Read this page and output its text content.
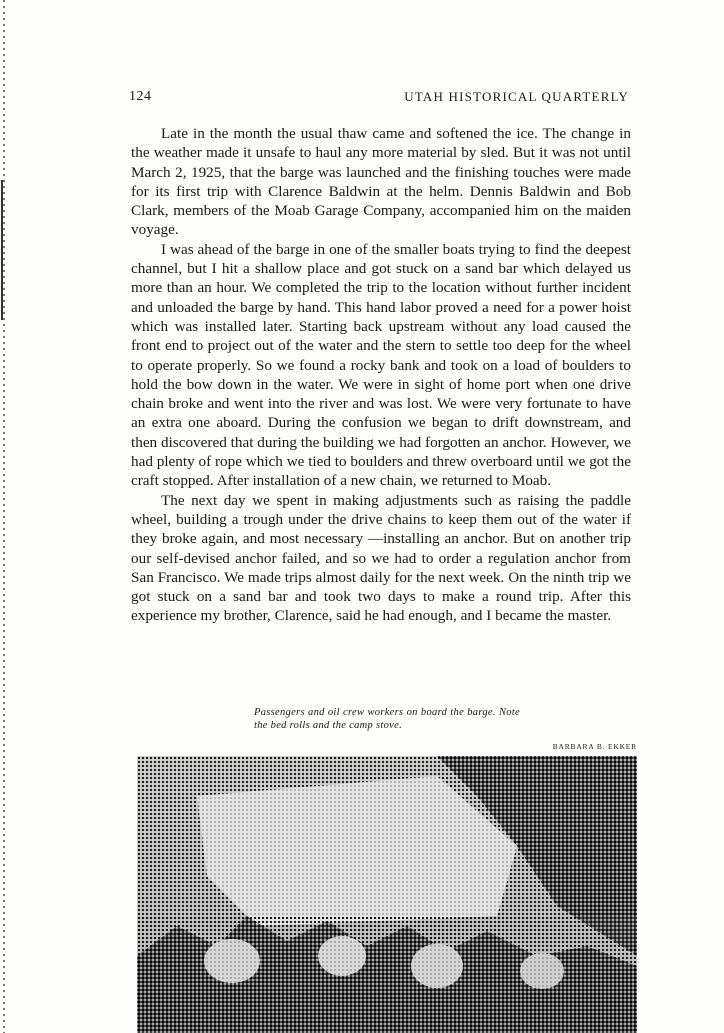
124	UTAH HISTORICAL QUARTERLY

Late in the month the usual thaw came and softened the ice. The change in the weather made it unsafe to haul any more material by sled. But it was not until March 2, 1925, that the barge was launched and the finishing touches were made for its first trip with Clarence Baldwin at the helm. Dennis Baldwin and Bob Clark, members of the Moab Garage Company, accompanied him on the maiden voyage.

I was ahead of the barge in one of the smaller boats trying to find the deepest channel, but I hit a shallow place and got stuck on a sand bar which delayed us more than an hour. We completed the trip to the location without further incident and unloaded the barge by hand. This hand labor proved a need for a power hoist which was installed later. Starting back upstream without any load caused the front end to project out of the water and the stern to settle too deep for the wheel to operate properly. So we found a rocky bank and took on a load of boulders to hold the bow down in the water. We were in sight of home port when one drive chain broke and went into the river and was lost. We were very fortunate to have an extra one aboard. During the confusion we began to drift downstream, and then discovered that during the building we had forgotten an anchor. However, we had plenty of rope which we tied to boulders and threw overboard until we got the craft stopped. After installation of a new chain, we returned to Moab.

The next day we spent in making adjustments such as raising the paddle wheel, building a trough under the drive chains to keep them out of the water if they broke again, and most necessary —installing an anchor. But on another trip our self-devised anchor failed, and so we had to order a regulation anchor from San Francisco. We made trips almost daily for the next week. On the ninth trip we got stuck on a sand bar and took two days to make a round trip. After this experience my brother, Clarence, said he had enough, and I became the master.

Passengers and oil crew workers on board the barge. Note the bed rolls and the camp stove.
BARBARA B. EKKER
